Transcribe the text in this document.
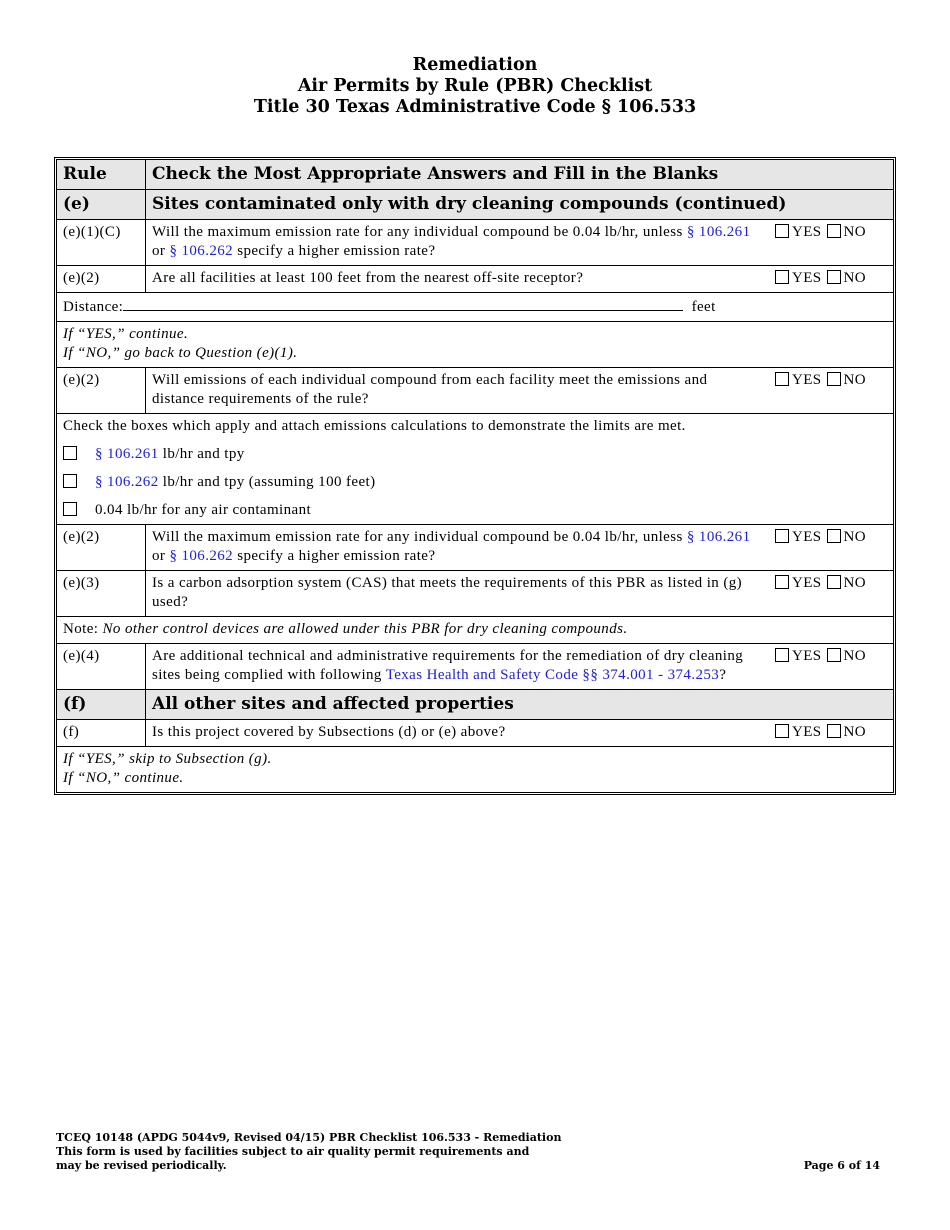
Remediation
Air Permits by Rule (PBR) Checklist
Title 30 Texas Administrative Code § 106.533
Rule	Check the Most Appropriate Answers and Fill in the Blanks	
(e)	Sites contaminated only with dry cleaning compounds (continued)	
(e)(1)(C)	Will the maximum emission rate for any individual compound be 0.04 lb/hr, unless § 106.261 or § 106.262 specify a higher emission rate?	YES NO
(e)(2)	Are all facilities at least 100 feet from the nearest off-site receptor?	YES NO
Distance: feet		
If “YES,” continue.
If “NO,” go back to Question (e)(1).		
(e)(2)	Will emissions of each individual compound from each facility meet the emissions and distance requirements of the rule?	YES NO

Check the boxes which apply and attach emissions calculations to demonstrate the limits are met.
§ 106.261 lb/hr and tpy
§ 106.262 lb/hr and tpy (assuming 100 feet)
0.04 lb/hr for any air contaminant		

(e)(2)	Will the maximum emission rate for any individual compound be 0.04 lb/hr, unless § 106.261 or § 106.262 specify a higher emission rate?	YES NO
(e)(3)	Is a carbon adsorption system (CAS) that meets the requirements of this PBR as listed in (g) used?	YES NO
Note: No other control devices are allowed under this PBR for dry cleaning compounds.		
(e)(4)	Are additional technical and administrative requirements for the remediation of dry cleaning sites being complied with following Texas Health and Safety Code §§ 374.001 - 374.253?	YES NO
(f)	All other sites and affected properties	
(f)	Is this project covered by Subsections (d) or (e) above?	YES NO
If “YES,” skip to Subsection (g).
If “NO,” continue.		
TCEQ 10148 (APDG 5044v9, Revised 04/15) PBR Checklist 106.533 - Remediation
This form is used by facilities subject to air quality permit requirements and
may be revised periodically.	Page 6 of 14
